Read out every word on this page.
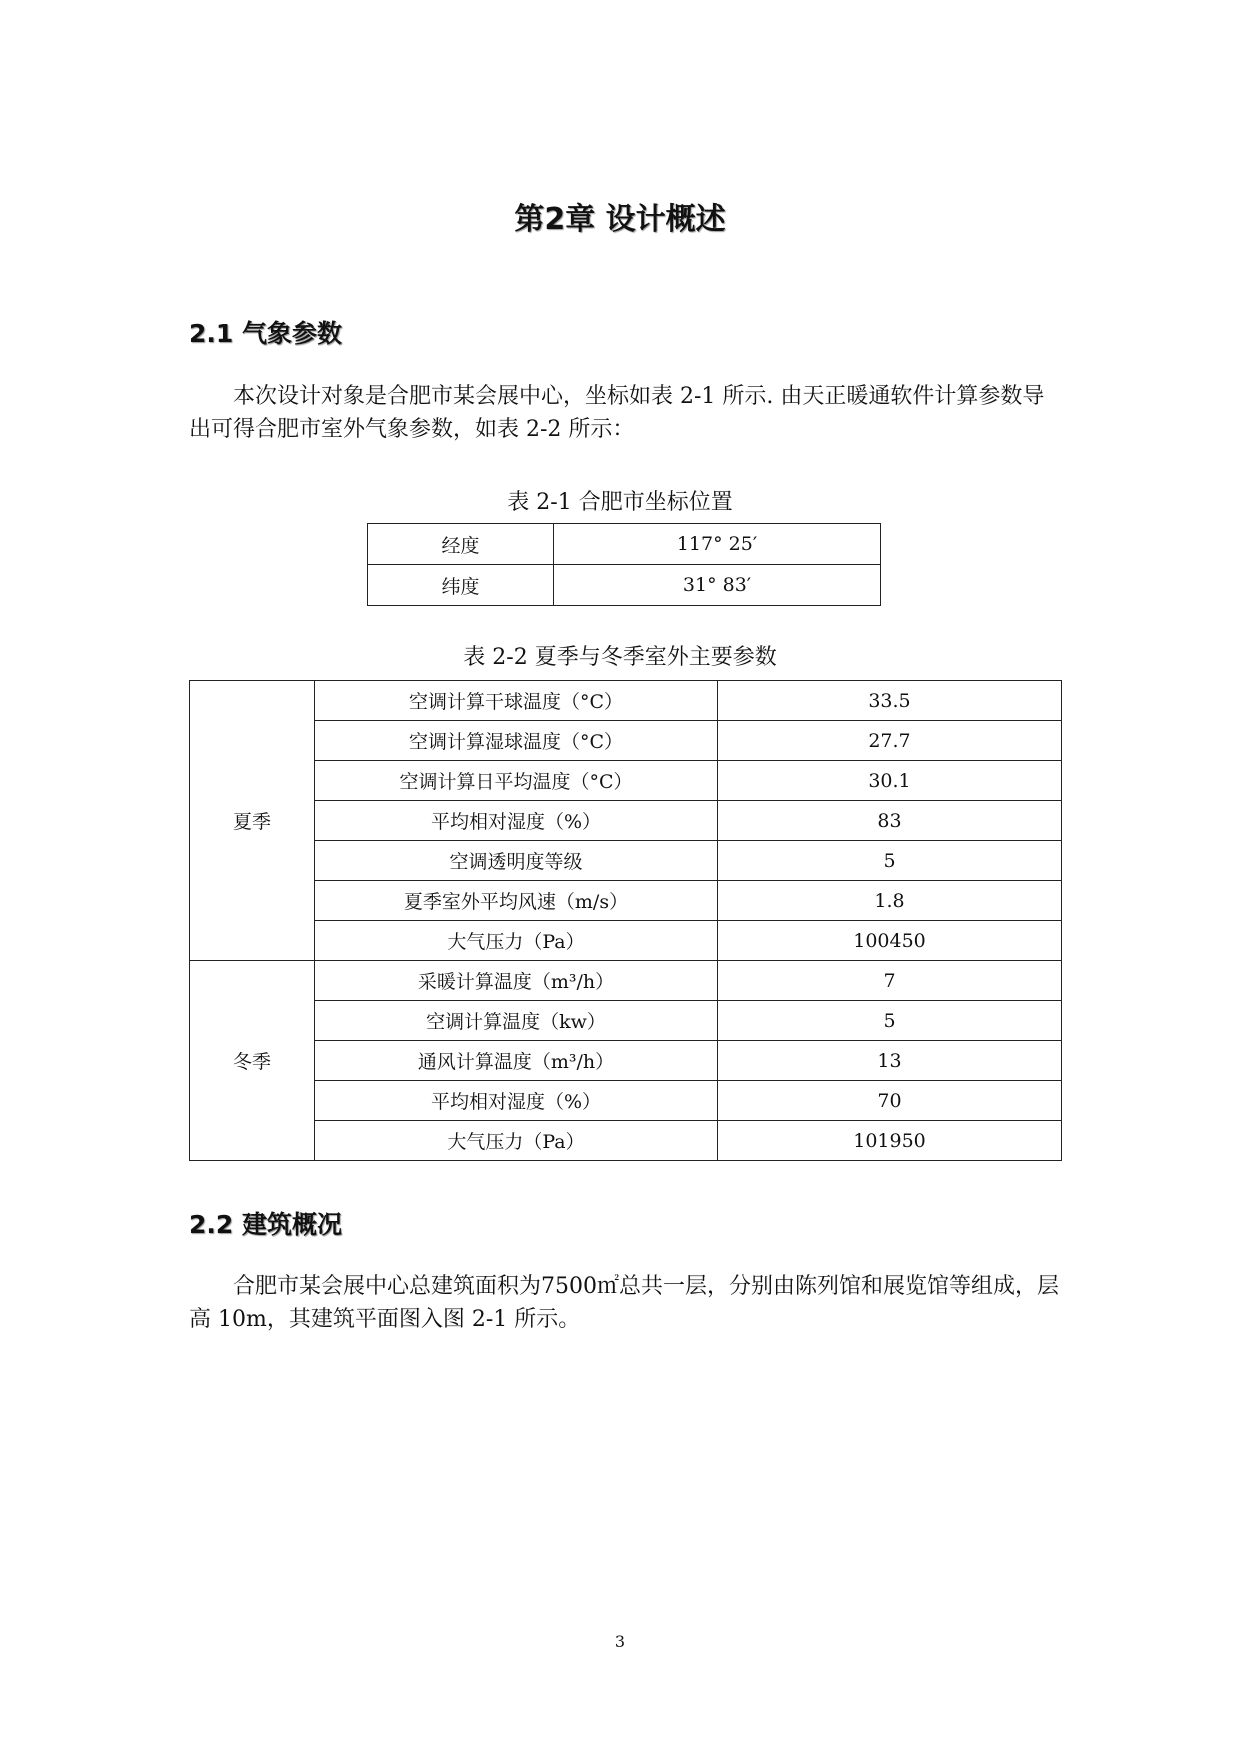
第2章 设计概述
2.1 气象参数

本次设计对象是合肥市某会展中心，坐标如表 2-1 所示. 由天正暖通软件计算参数导出可得合肥市室外气象参数，如表 2-2 所示：

表 2-1 合肥市坐标位置
经度	117° 25′
纬度	31° 83′
表 2-2 夏季与冬季室外主要参数
夏季	空调计算干球温度（°C）	33.5
	空调计算湿球温度（°C）	27.7
	空调计算日平均温度（°C）	30.1
	平均相对湿度（%）	83
	空调透明度等级	5
	夏季室外平均风速（m/s）	1.8
	大气压力（Pa）	100450
冬季	采暖计算温度（m³/h）	7
	空调计算温度（kw）	5
	通风计算温度（m³/h）	13
	平均相对湿度（%）	70
	大气压力（Pa）	101950
2.2 建筑概况

合肥市某会展中心总建筑面积为7500㎡总共一层，分别由陈列馆和展览馆等组成，层高 10m，其建筑平面图入图 2-1 所示。

3
